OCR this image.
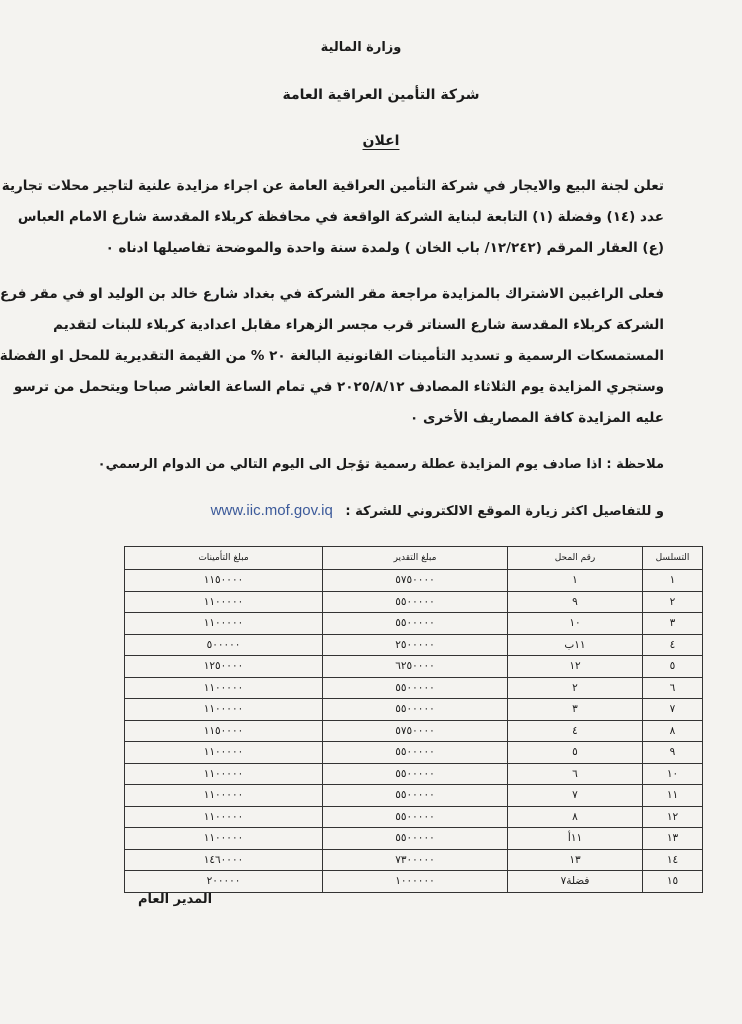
وزارة المالية
شركة التأمين العراقية العامة
اعلان
تعلن لجنة البيع والايجار في شركة التأمين العراقية العامة عن اجراء مزايدة علنية لتاجير محلات تجارية
عدد (١٤) وفضلة (١) التابعة لبناية الشركة الواقعة في محافظة كربلاء المقدسة شارع الامام العباس
(ع) العقار المرقم (١٢/٢٤٢/ باب الخان ) ولمدة سنة واحدة والموضحة تفاصيلها ادناه ٠
فعلى الراغبين الاشتراك بالمزايدة مراجعة مقر الشركة في بغداد شارع خالد بن الوليد او في مقر فرع
الشركة كربلاء المقدسة شارع السناتر قرب مجسر الزهراء مقابل اعدادية كربلاء للبنات لتقديم
المستمسكات الرسمية و تسديد التأمينات القانونية البالغة ٢٠ % من القيمة التقديرية للمحل او الفضلة
وستجري المزايدة يوم الثلاثاء المصادف ٢٠٢٥/٨/١٢ في تمام الساعة العاشر صباحا ويتحمل من ترسو
عليه المزايدة كافة المصاريف الأخرى ٠
ملاحظة : اذا صادف يوم المزايدة عطلة رسمية تؤجل الى اليوم التالي من الدوام الرسمي٠
و للتفاصيل اكثر زيارة الموقع الالكتروني للشركة : www.iic.mof.gov.iq
التسلسل	رقم المحل	مبلغ التقدير	مبلغ التأمينات
١	١	٥٧٥٠٠٠٠	١١٥٠٠٠٠
٢	٩	٥٥٠٠٠٠٠	١١٠٠٠٠٠
٣	١٠	٥٥٠٠٠٠٠	١١٠٠٠٠٠
٤	١١ب	٢٥٠٠٠٠٠	٥٠٠٠٠٠
٥	١٢	٦٢٥٠٠٠٠	١٢٥٠٠٠٠
٦	٢	٥٥٠٠٠٠٠	١١٠٠٠٠٠
٧	٣	٥٥٠٠٠٠٠	١١٠٠٠٠٠
٨	٤	٥٧٥٠٠٠٠	١١٥٠٠٠٠
٩	٥	٥٥٠٠٠٠٠	١١٠٠٠٠٠
١٠	٦	٥٥٠٠٠٠٠	١١٠٠٠٠٠
١١	٧	٥٥٠٠٠٠٠	١١٠٠٠٠٠
١٢	٨	٥٥٠٠٠٠٠	١١٠٠٠٠٠
١٣	١١أ	٥٥٠٠٠٠٠	١١٠٠٠٠٠
١٤	١٣	٧٣٠٠٠٠٠	١٤٦٠٠٠٠
١٥	فضلة٧	١٠٠٠٠٠٠	٢٠٠٠٠٠
المدير العام
